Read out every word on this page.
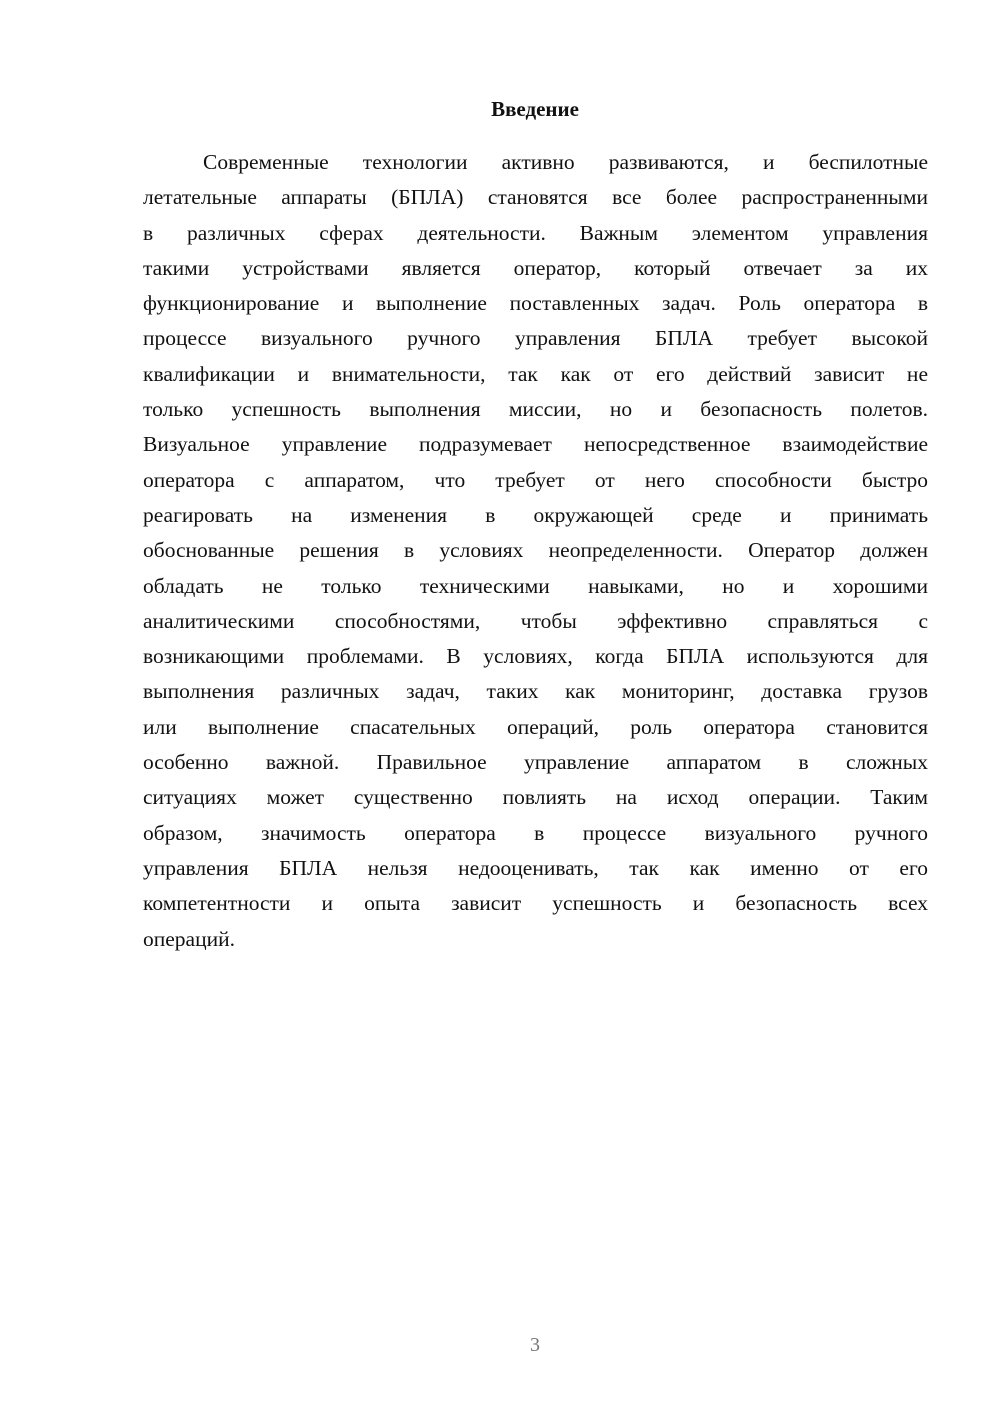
Введение
Современные технологии активно развиваются, и беспилотные
летательные аппараты (БПЛА) становятся все более распространенными
в различных сферах деятельности. Важным элементом управления
такими устройствами является оператор, который отвечает за их
функционирование и выполнение поставленных задач. Роль оператора в
процессе визуального ручного управления БПЛА требует высокой
квалификации и внимательности, так как от его действий зависит не
только успешность выполнения миссии, но и безопасность полетов.
Визуальное управление подразумевает непосредственное взаимодействие
оператора с аппаратом, что требует от него способности быстро
реагировать на изменения в окружающей среде и принимать
обоснованные решения в условиях неопределенности. Оператор должен
обладать не только техническими навыками, но и хорошими
аналитическими способностями, чтобы эффективно справляться с
возникающими проблемами. В условиях, когда БПЛА используются для
выполнения различных задач, таких как мониторинг, доставка грузов
или выполнение спасательных операций, роль оператора становится
особенно важной. Правильное управление аппаратом в сложных
ситуациях может существенно повлиять на исход операции. Таким
образом, значимость оператора в процессе визуального ручного
управления БПЛА нельзя недооценивать, так как именно от его
компетентности и опыта зависит успешность и безопасность всех
операций.
3
